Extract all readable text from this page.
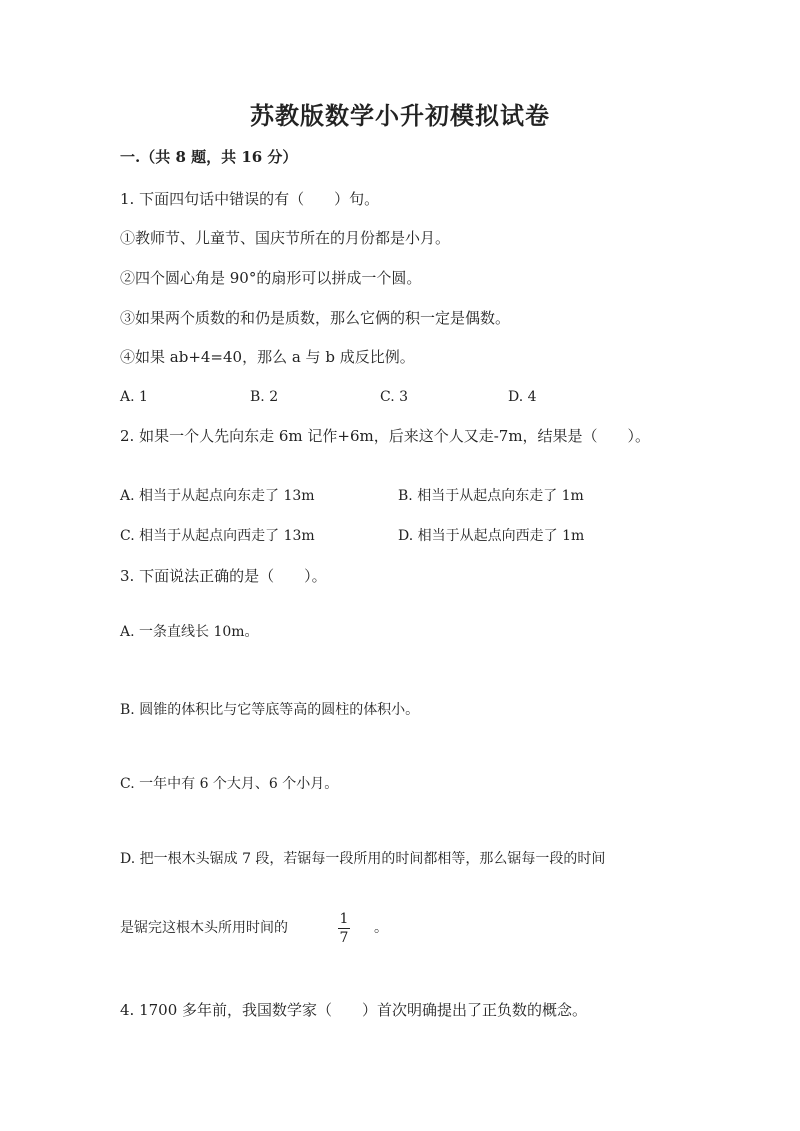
苏教版数学小升初模拟试卷
一.（共 8 题，共 16 分）
1. 下面四句话中错误的有（　　）句。
①教师节、儿童节、国庆节所在的月份都是小月。
②四个圆心角是 90°的扇形可以拼成一个圆。
③如果两个质数的和仍是质数，那么它俩的积一定是偶数。
④如果 ab+4=40，那么 a 与 b 成反比例。
A. 1	B. 2	C. 3	D. 4
2. 如果一个人先向东走 6m 记作+6m，后来这个人又走-7m，结果是（　　）。
A. 相当于从起点向东走了 13m	B. 相当于从起点向东走了 1m
C. 相当于从起点向西走了 13m	D. 相当于从起点向西走了 1m
3. 下面说法正确的是（　　）。
A. 一条直线长 10m。
B. 圆锥的体积比与它等底等高的圆柱的体积小。
C. 一年中有 6 个大月、6 个小月。
D. 把一根木头锯成 7 段，若锯每一段所用的时间都相等，那么锯每一段的时间
是锯完这根木头所用时间的
1
7
。
4. 1700 多年前，我国数学家（　　）首次明确提出了正负数的概念。
